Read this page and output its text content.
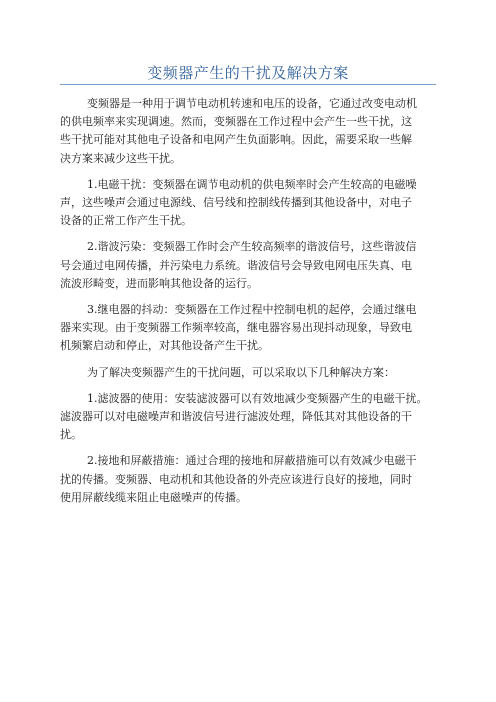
变频器产生的干扰及解决方案

变频器是一种用于调节电动机转速和电压的设备，它通过改变电动机
的供电频率来实现调速。然而，变频器在工作过程中会产生一些干扰，这
些干扰可能对其他电子设备和电网产生负面影响。因此，需要采取一些解
决方案来减少这些干扰。

1.电磁干扰：变频器在调节电动机的供电频率时会产生较高的电磁噪
声，这些噪声会通过电源线、信号线和控制线传播到其他设备中，对电子
设备的正常工作产生干扰。

2.谐波污染：变频器工作时会产生较高频率的谐波信号，这些谐波信
号会通过电网传播，并污染电力系统。谐波信号会导致电网电压失真、电
流波形畸变，进而影响其他设备的运行。

3.继电器的抖动：变频器在工作过程中控制电机的起停，会通过继电
器来实现。由于变频器工作频率较高，继电器容易出现抖动现象，导致电
机频繁启动和停止，对其他设备产生干扰。

为了解决变频器产生的干扰问题，可以采取以下几种解决方案：

1.滤波器的使用：安装滤波器可以有效地减少变频器产生的电磁干扰。
滤波器可以对电磁噪声和谐波信号进行滤波处理，降低其对其他设备的干
扰。

2.接地和屏蔽措施：通过合理的接地和屏蔽措施可以有效减少电磁干
扰的传播。变频器、电动机和其他设备的外壳应该进行良好的接地，同时
使用屏蔽线缆来阻止电磁噪声的传播。
